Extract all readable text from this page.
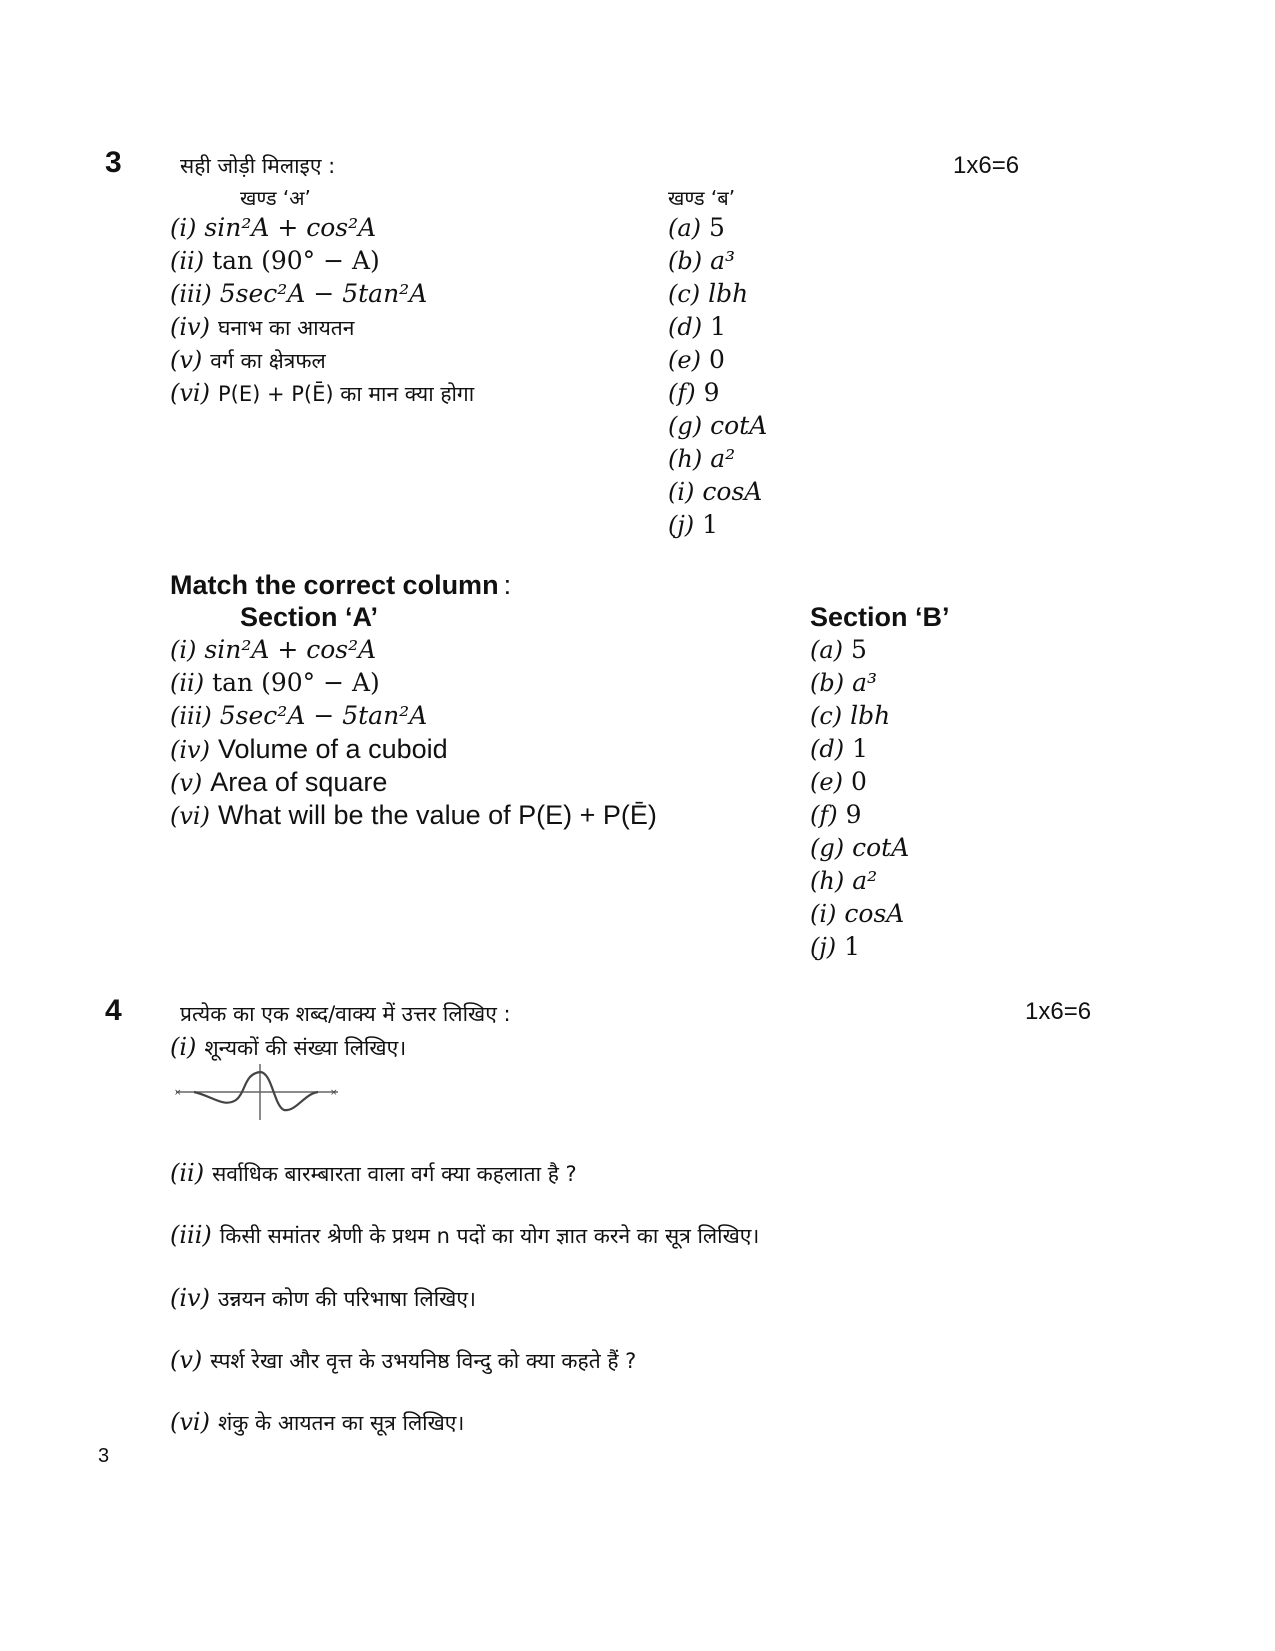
3	सही जोड़ी मिलाइए :	1x6=6
खण्ड ‘अ’	खण्ड ‘ब’
(i) sin²A + cos²A
(ii) tan (90° − A)
(iii) 5sec²A − 5tan²A
(iv) घनाभ का आयतन
(v) वर्ग का क्षेत्रफल
(vi) P(E) + P(Ē) का मान क्या होगा
(a) 5
(b) a³
(c) lbh
(d) 1
(e) 0
(f) 9
(g) cotA
(h) a²
(i) cosA
(j) 1
Match the correct column :
Section ‘A’	Section ‘B’
(i) sin²A + cos²A
(ii) tan (90° − A)
(iii) 5sec²A − 5tan²A
(iv) Volume of a cuboid
(v) Area of square
(vi) What will be the value of P(E) + P(Ē)
(a) 5
(b) a³
(c) lbh
(d) 1
(e) 0
(f) 9
(g) cotA
(h) a²
(i) cosA
(j) 1
4	प्रत्येक का एक शब्द/वाक्य में उत्तर लिखिए :	1x6=6
(i) शून्यकों की संख्या लिखिए।
×	×
(ii) सर्वाधिक बारम्बारता वाला वर्ग क्या कहलाता है ?
(iii) किसी समांतर श्रेणी के प्रथम n पदों का योग ज्ञात करने का सूत्र लिखिए।
(iv) उन्नयन कोण की परिभाषा लिखिए।
(v) स्पर्श रेखा और वृत्त के उभयनिष्ठ विन्दु को क्या कहते हैं ?
(vi) शंकु के आयतन का सूत्र लिखिए।
3
